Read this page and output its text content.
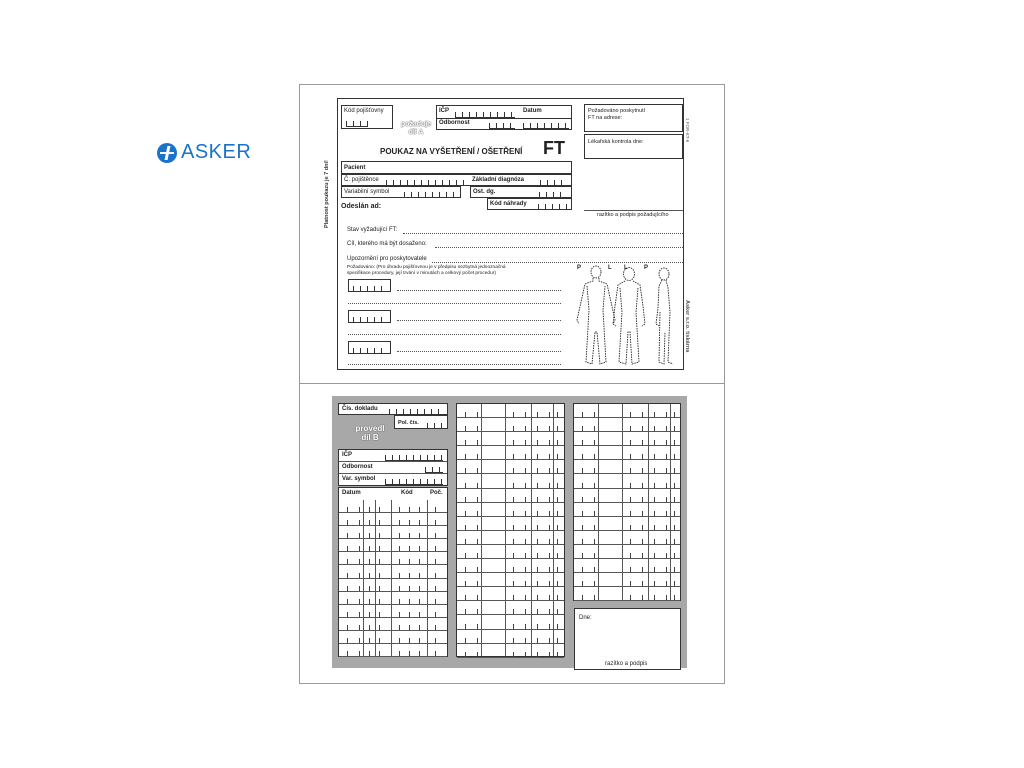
ASKER
Platnost poukazu je 7 dní!
1 FOR-KT-6
Asker s.r.o. tiskárna
Kód pojišťovny	IČP	Datum
Odbornost
požaduje
díl A
POUKAZ NA VYŠETŘENÍ / OŠETŘENÍ FT
Pacient
Č. pojištěnce	Základní diagnóza
Variabilní symbol	Ost. dg.
Kód náhrady
Odeslán ad:
Požadováno poskytnutí
FT na adrese:
Lékařská kontrola dne:
razítko a podpis požadujícího
Stav vyžadující FT:
Cíl, kterého má být dosaženo:
Upozornění pro poskytovatele
Požadováno: (Pro úhradu pojišťovnou je v předpisu nezbytná jednoznačná
specifikace procedury, její trvání v minutách a celkový počet procedur)
P	L L	P
Čís. dokladu
Pol. čís.
provedl
díl B
IČP
Odbornost
Var. symbol
Datum	Kód	Poč.
Dne:
razítko a podpis
